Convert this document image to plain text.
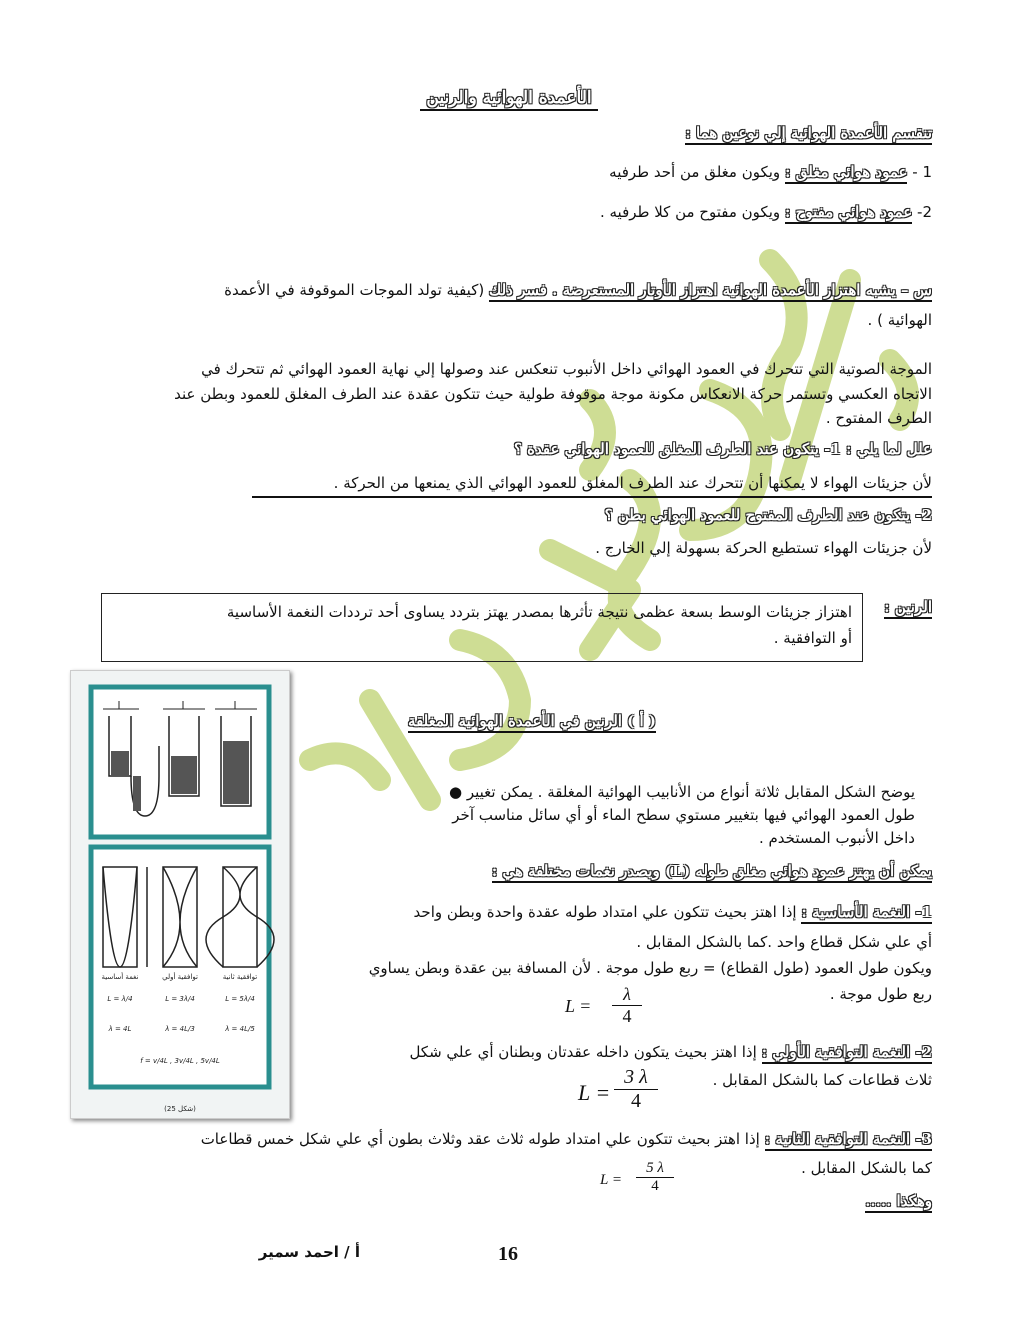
الأعمدة الهوائية والرنين
تنقسم الأعمدة الهوائية إلي نوعين هما :
1 - عمود هوائي مغلق : ويكون مغلق من أحد طرفيه
2- عمود هوائي مفتوح : ويكون مفتوح من كلا طرفيه .
س – يشبه اهتزاز الأعمدة الهوائية اهتزاز الأوتار المستعرضة . فسر ذلك (كيفية تولد الموجات الموقوفة في الأعمدة
الهوائية ) .
الموجة الصوتية التي تتحرك في العمود الهوائي داخل الأنبوب تنعكس عند وصولها إلي نهاية العمود الهوائي ثم تتحرك في
الاتجاه العكسي وتستمر حركة الانعكاس مكونة موجة موقوفة طولية حيث تتكون عقدة عند الطرف المغلق للعمود وبطن عند
الطرف المفتوح .
علل لما يلي : 1- يتكون عند الطرف المغلق للعمود الهوائي عقدة ؟
لأن جزيئات الهواء لا يمكنها أن تتحرك عند الطرف المغلق للعمود الهوائي الذي يمنعها من الحركة .
2- يتكون عند الطرف المفتوح للعمود الهوائي بطن ؟
لأن جزيئات الهواء تستطيع الحركة بسهولة إلي الخارج .
الرنين :
اهتزاز جزيئات الوسط بسعة عظمى نتيجة تأثرها بمصدر يهتز بتردد يساوى أحد ترددات النغمة الأساسية
أو التوافقية .
نغمة أساسية	توافقية أولي	توافقية ثانية
L = λ/4	L = 3λ/4	L = 5λ/4
λ = 4L	λ = 4L/3	λ = 4L/5
f = v/4L , 3v/4L , 5v/4L
(شكل 25)
( أ ) الرنين في الأعمدة الهوائية المغلقة
يوضح الشكل المقابل ثلاثة أنواع من الأنابيب الهوائية المغلقة . يمكن تغيير ●
طول العمود الهوائي فيها بتغيير مستوي سطح الماء أو أي سائل مناسب آخر
داخل الأنبوب المستخدم .
يمكن أن يهتز عمود هوائي مغلق طوله (L) ويصدر نغمات مختلفة هي :
1- النغمة الأساسية : إذا اهتز بحيث تتكون علي امتداد طوله عقدة واحدة وبطن واحد
أي علي شكل قطاع واحد .كما بالشكل المقابل .
ويكون طول العمود (طول القطاع) = ربع طول موجة . لأن المسافة بين عقدة وبطن يساوي
ربع طول موجة .
$L = \frac{\lambda}{4}$
2- النغمة التوافقية الأولي : إذا اهتز بحيث يتكون داخله عقدتان وبطنان أي علي شكل
ثلاث قطاعات كما بالشكل المقابل .
$L = \frac{3 \lambda}{4}$
3- النغمة التوافقية الثانية : إذا اهتز بحيث تتكون علي امتداد طوله ثلاث عقد وثلاث بطون أي علي شكل خمس قطاعات
كما بالشكل المقابل .
$L = \frac{5 \lambda}{4}$
وهكذا .....
16
أ / احمد سمير
